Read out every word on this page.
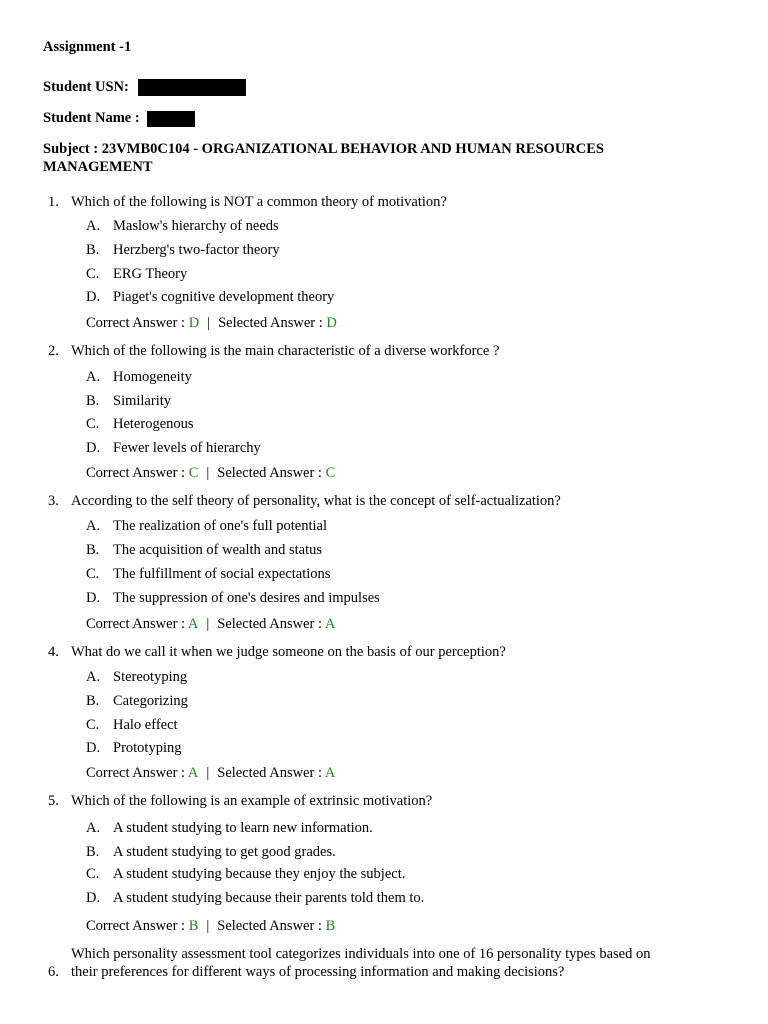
Assignment -1
Student USN:
Student Name :
Subject : 23VMB0C104 - ORGANIZATIONAL BEHAVIOR AND HUMAN RESOURCES
MANAGEMENT
1. Which of the following is NOT a common theory of motivation?
A. Maslow's hierarchy of needs
B. Herzberg's two-factor theory
C. ERG Theory
D. Piaget's cognitive development theory
Correct Answer : D | Selected Answer : D
2. Which of the following is the main characteristic of a diverse workforce ?
A. Homogeneity
B. Similarity
C. Heterogenous
D. Fewer levels of hierarchy
Correct Answer : C | Selected Answer : C
3. According to the self theory of personality, what is the concept of self-actualization?
A. The realization of one's full potential
B. The acquisition of wealth and status
C. The fulfillment of social expectations
D. The suppression of one's desires and impulses
Correct Answer : A | Selected Answer : A
4. What do we call it when we judge someone on the basis of our perception?
A. Stereotyping
B. Categorizing
C. Halo effect
D. Prototyping
Correct Answer : A | Selected Answer : A
5. Which of the following is an example of extrinsic motivation?
A. A student studying to learn new information.
B. A student studying to get good grades.
C. A student studying because they enjoy the subject.
D. A student studying because their parents told them to.
Correct Answer : B | Selected Answer : B
Which personality assessment tool categorizes individuals into one of 16 personality types based on
6. their preferences for different ways of processing information and making decisions?
